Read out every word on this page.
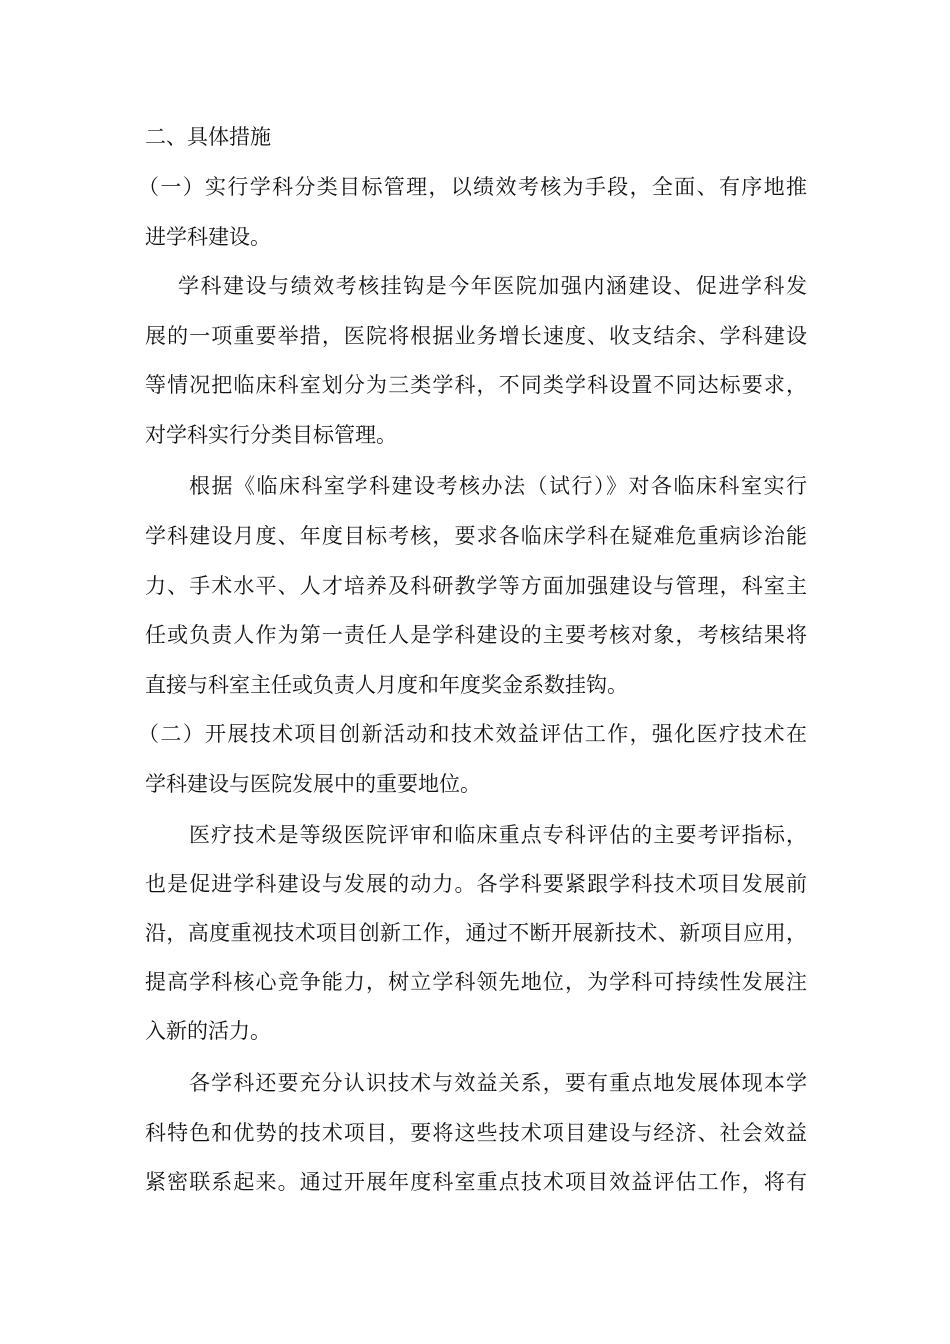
二、具体措施
（一）实行学科分类目标管理，以绩效考核为手段，全面、有序地推
进学科建设。
学科建设与绩效考核挂钩是今年医院加强内涵建设、促进学科发
展的一项重要举措，医院将根据业务增长速度、收支结余、学科建设
等情况把临床科室划分为三类学科，不同类学科设置不同达标要求，
对学科实行分类目标管理。
根据《临床科室学科建设考核办法（试行）》对各临床科室实行
学科建设月度、年度目标考核，要求各临床学科在疑难危重病诊治能
力、手术水平、人才培养及科研教学等方面加强建设与管理，科室主
任或负责人作为第一责任人是学科建设的主要考核对象，考核结果将
直接与科室主任或负责人月度和年度奖金系数挂钩。
（二）开展技术项目创新活动和技术效益评估工作，强化医疗技术在
学科建设与医院发展中的重要地位。
医疗技术是等级医院评审和临床重点专科评估的主要考评指标，
也是促进学科建设与发展的动力。各学科要紧跟学科技术项目发展前
沿，高度重视技术项目创新工作，通过不断开展新技术、新项目应用，
提高学科核心竞争能力，树立学科领先地位，为学科可持续性发展注
入新的活力。
各学科还要充分认识技术与效益关系，要有重点地发展体现本学
科特色和优势的技术项目，要将这些技术项目建设与经济、社会效益
紧密联系起来。通过开展年度科室重点技术项目效益评估工作，将有
